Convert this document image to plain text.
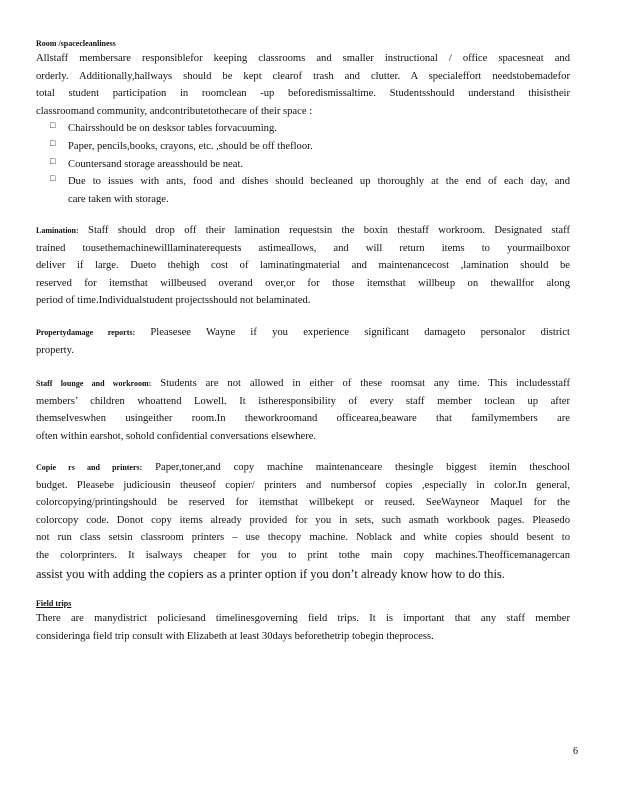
Room /spacecleanliness
Allstaff membersare responsiblefor keeping classrooms and smaller instructional / office spacesneat and
orderly. Additionally,hallways should be kept clearof trash and clutter. A specialeffort needstobemadefor
total student participation in roomclean -up beforedismissaltime. Studentsshould understand thisistheir
classroomand community, andcontributetothecare of their space :
□ Chairsshould be on desksor tables forvacuuming.
□ Paper, pencils,books, crayons, etc. ,should be off thefloor.
□ Countersand storage areasshould be neat.
□ Due to issues with ants, food and dishes should becleaned up thoroughly at the end of each day, and
care taken with storage.
Lamination: Staff should drop off their lamination requestsin the boxin thestaff workroom. Designated staff
trained tousethemachinewilllaminaterequests astimeallows, and will return items to yourmailboxor
deliver if large. Dueto thehigh cost of laminatingmaterial and maintenancecost ,lamination should be
reserved for itemsthat willbeused overand over,or for those itemsthat willbeup on thewallfor along
period of time.Individualstudent projectsshould not belaminated.
Propertydamage reports: Pleasesee Wayne if you experience significant damageto personalor district
property.
Staff lounge and workroom: Students are not allowed in either of these roomsat any time. This includesstaff
members’ children whoattend Lowell. It istheresponsibility of every staff member toclean up after
themselveswhen usingeither room.In theworkroomand officearea,beaware that familymembers are
often within earshot, sohold confidential conversations elsewhere.
Copie rs and printers: Paper,toner,and copy machine maintenanceare thesingle biggest itemin theschool
budget. Pleasebe judiciousin theuseof copier/ printers and numbersof copies ,especially in color.In general,
colorcopying/printingshould be reserved for itemsthat willbekept or reused. SeeWayneor Maquel for the
colorcopy code. Donot copy items already provided for you in sets, such asmath workbook pages. Pleasedo
not run class setsin classroom printers – use thecopy machine. Noblack and white copies should besent to
the colorprinters. It isalways cheaper for you to print tothe main copy machines.Theofficemanagercan
assist you with adding the copiers as a printer option if you don’t already know how to do this.
Field trips
There are manydistrict policiesand timelinesgoverning field trips. It is important that any staff member
consideringa field trip consult with Elizabeth at least 30days beforethetrip tobegin theprocess.
6
